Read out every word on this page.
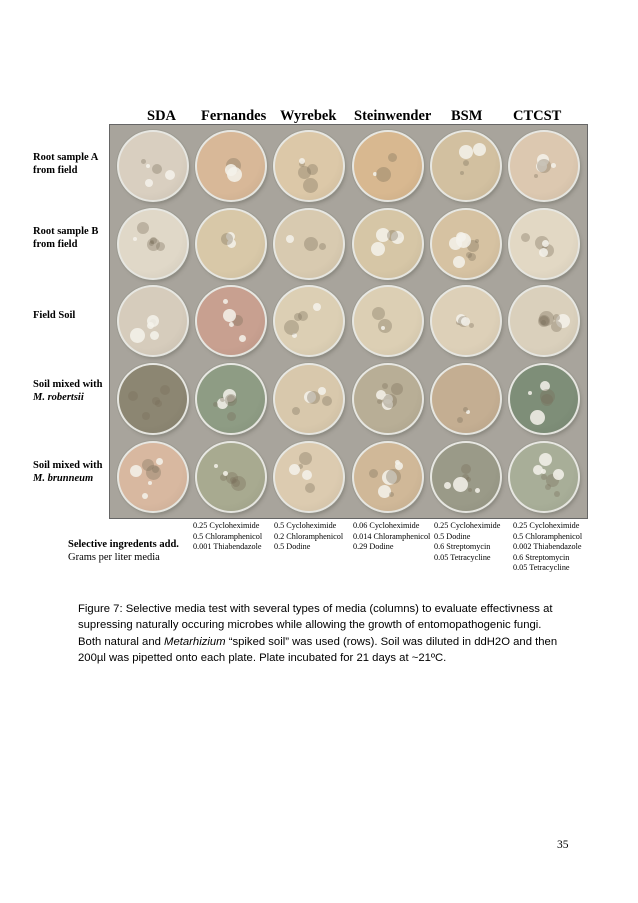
SDA Fernandes Wyrebek Steinwender BSM CTCST
Root sample A
from field
Root sample B
from field
Field Soil
Soil mixed with
M. robertsii
Soil mixed with
M. brunneum
Selective ingredents add.
Grams per liter media
0.25 Cycloheximide
0.5 Chloramphenicol
0.001 Thiabendazole
0.5 Cycloheximide
0.2 Chloramphenicol
0.5 Dodine
0.06 Cycloheximide
0.014 Chloramphenicol
0.29 Dodine
0.25 Cycloheximide
0.5 Dodine
0.6 Streptomycin
0.05 Tetracycline
0.25 Cycloheximide
0.5 Chloramphenicol
0.002 Thiabendazole
0.6 Streptomycin
0.05 Tetracycline
Figure 7: Selective media test with several types of media (columns) to evaluate effectivness at
supressing naturally occuring microbes while allowing the growth of entomopathogenic fungi.
Both natural and Metarhizium “spiked soil” was used (rows). Soil was diluted in ddH2O and then
200µl was pipetted onto each plate. Plate incubated for 21 days at ~21ºC.
35
